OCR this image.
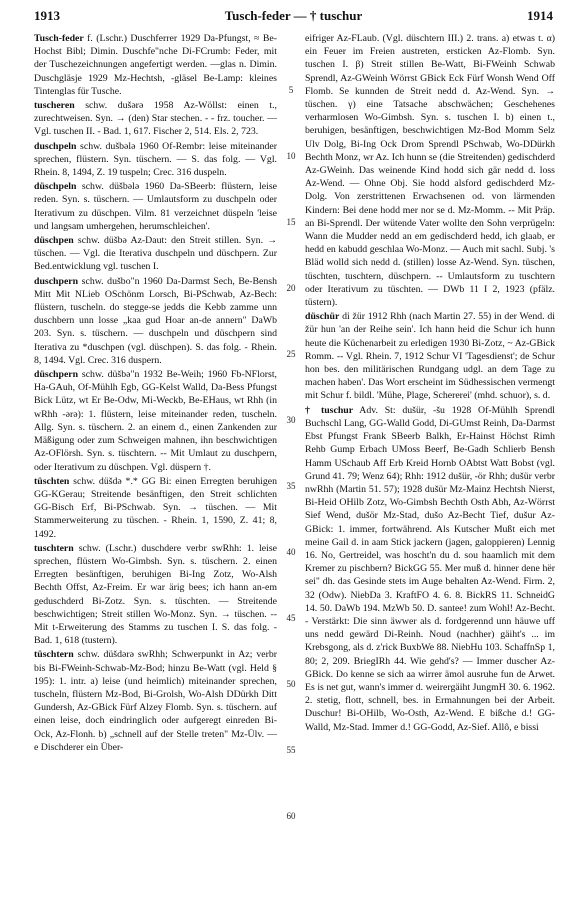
1913	Tusch-feder — † tuschur	1914

Tusch-feder f. (Lschr.) Duschferrer 1929 Da-Pfungst, ≈ Be-Hochst Bibl; Dimin. Duschfe"nche Di-FCrumb: Feder, mit der Tuschezeichnungen angefertigt werden. —glas n. Dimin. Duschgläsje 1929 Mz-Hechtsh, -gläsel Be-Lamp: kleines Tintenglas für Tusche.

tuscheren schw. dušərə 1958 Az-Wöllst: einen t., zurechtweisen. Syn. → (den) Star stechen. - - frz. toucher. — Vgl. tuschen II. - Bad. 1, 617. Fischer 2, 514. Els. 2, 723.

duschpeln schw. dušbələ 1960 Of-Rembr: leise miteinander sprechen, flüstern. Syn. tüschern. — S. das folg. — Vgl. Rhein. 8, 1494, Z. 19 tuspeln; Crec. 316 duspeln.

düschpeln schw. düšbələ 1960 Da-SBeerb: flüstern, leise reden. Syn. s. tüschern. — Umlautsform zu duschpeln oder Iterativum zu düschpen. Vilm. 81 verzeichnet düspeln 'leise und langsam umhergehen, herumschleichen'.

düschpen schw. düšbə Az-Daut: den Streit stillen. Syn. → tüschen. — Vgl. die Iterativa duschpeln und düschpern. Zur Bed.entwicklung vgl. tuschen I.

duschpern schw. dušbo"n 1960 Da-Darmst Sech, Be-Bensh Mitt Mit NLieb OSchönm Lorsch, Bi-PSchwab, Az-Bech: flüstern, tuscheln. do stegge-se jedds die Kebb zamme unn duschbern unn losse „kaa gud Hoar an-de annern" DaWb 203. Syn. s. tüschern. — duschpeln und düschpern sind Iterativa zu *duschpen (vgl. düschpen). S. das folg. - Rhein. 8, 1494. Vgl. Crec. 316 duspern.

düschpern schw. düšbə"n 1932 Be-Weih; 1960 Fb-NFlorst, Ha-GAuh, Of-Mühlh Egb, GG-Kelst Walld, Da-Bess Pfungst Bick Lütz, wt Er Be-Odw, Mi-Weckb, Be-EHaus, wt Rhh (in wRhh -ərə): 1. flüstern, leise miteinander reden, tuscheln. Allg. Syn. s. tüschern. 2. an einem d., einen Zankenden zur Mäßigung oder zum Schweigen mahnen, ihn beschwichtigen Az-OFlörsh. Syn. s. tüschtern. -- Mit Umlaut zu duschpern, oder Iterativum zu düschpen. Vgl. düspern †.

tüschten schw. düšdə *.* GG Bi: einen Erregten beruhigen GG-KGerau; Streitende besänftigen, den Streit schlichten GG-Bisch Erf, Bi-PSchwab. Syn. → tüschen. — Mit Stammerweiterung zu tüschen. - Rhein. 1, 1590, Z. 41; 8, 1492.

tuschtern schw. (Lschr.) duschdere verbr swRhh: 1. leise sprechen, flüstern Wo-Gimbsh. Syn. s. tüschern. 2. einen Erregten besänftigen, beruhigen Bi-Ing Zotz, Wo-Alsh Bechth Offst, Az-Freim. Er war ärig bees; ich hann an-em geduschderd Bi-Zotz. Syn. s. tüschten. — Streitende beschwichtigen; Streit stillen Wo-Monz. Syn. → tüschen. -- Mit t-Erweiterung des Stamms zu tuschen I. S. das folg. - Bad. 1, 618 (tustern).

tüschtern schw. düšdərə swRhh; Schwerpunkt in Az; verbr bis Bi-FWeinh-Schwab-Mz-Bod; hinzu Be-Watt (vgl. Held § 195): 1. intr. a) leise (und heimlich) miteinander sprechen, tuscheln, flüstern Mz-Bod, Bi-Grolsh, Wo-Alsh DDürkh Ditt Gundersh, Az-GBick Fürf Alzey Flomb. Syn. s. tüschern. auf einen leise, doch eindringlich oder aufgeregt einreden Bi-Ock, Az-Flonh. b) „schnell auf der Stelle treten" Mz-Ülv. — e Dischderer ein Über-

5
10
15
20
25
30
35
40
45
50
55
60

eifriger Az-FLaub. (Vgl. düschtern III.) 2. trans. a) etwas t. α) ein Feuer im Freien austreten, ersticken Az-Flomb. Syn. tuschen I. β) Streit stillen Be-Watt, Bi-FWeinh Schwab Sprendl, Az-GWeinh Wörrst GBick Eck Fürf Wonsh Wend Off Flomb. Se kunnden de Streit nedd d. Az-Wend. Syn. → tüschen. γ) eine Tatsache abschwächen; Geschehenes verharmlosen Wo-Gimbsh. Syn. s. tuschen I. b) einen t., beruhigen, besänftigen, beschwichtigen Mz-Bod Momm Selz Ulv Dolg, Bi-Ing Ock Drom Sprendl PSchwab, Wo-DDürkh Bechth Monz, wr Az. Ich hunn se (die Streitenden) gedischderd Az-GWeinh. Das weinende Kind hodd sich gär nedd d. loss Az-Wend. — Ohne Obj. Sie hodd alsford gedischderd Mz-Dolg. Von zerstrittenen Erwachsenen od. von lärmenden Kindern: Bei dene hodd mer nor se d. Mz-Momm. -- Mit Präp. an Bi-Sprendl. Der wütende Vater wollte den Sohn verprügeln: Wann die Mudder nedd an em gedischderd hedd, ich glaab, er hedd en kabudd geschlaa Wo-Monz. — Auch mit sachl. Subj. 's Bläd wolld sich nedd d. (stillen) losse Az-Wend. Syn. tüschen, tüschten, tuschtern, düschpern. -- Umlautsform zu tuschtern oder Iterativum zu tüschten. — DWb 11 I 2, 1923 (pfälz. tüstern).

düschür di žür 1912 Rhh (nach Martin 27. 55) in der Wend. di žür hun 'an der Reihe sein'. Ich hann heid die Schur ich hunn heute die Küchenarbeit zu erledigen 1930 Bi-Zotz, ~ Az-GBick Romm. -- Vgl. Rhein. 7, 1912 Schur VI 'Tagesdienst'; de Schur hon bes. den militärischen Rundgang udgl. an dem Tage zu machen haben'. Das Wort erscheint im Südhessischen vermengt mit Schur f. bildl. 'Mühe, Plage, Schererei' (mhd. schuor), s. d.

† tuschur Adv. St: dušür, -šu 1928 Of-Mühlh Sprendl Buchschl Lang, GG-Walld Godd, Di-GUmst Reinh, Da-Darmst Ebst Pfungst Frank SBeerb Balkh, Er-Hainst Höchst Rimh Rehb Gump Erbach UMoss Beerf, Be-Gadh Schlierb Bensh Hamm USchaub Aff Erb Kreid Hornb OAbtst Watt Bobst (vgl. Grund 41. 79; Wenz 64); Rhh: 1912 dušür, -ör Rhh; dušür verbr nwRhh (Martin 51. 57); 1928 dušür Mz-Mainz Hechtsh Nierst, Bi-Heid OHilb Zotz, Wo-Gimbsh Bechth Osth Abh, Az-Wörrst Sief Wend, dušör Mz-Stad, dušo Az-Becht Tief, dušur Az-GBick: 1. immer, fortwährend. Als Kutscher Mußt eich met meine Gail d. in aam Stick jackern (jagen, galoppieren) Lennig 16. No, Gertreidel, was hoscht'n du d. sou haamlich mit dem Kremer zu pischbern? BickGG 55. Mer muß d. hinner dene hër sei" dh. das Gesinde stets im Auge behalten Az-Wend. Firm. 2, 32 (Odw). NiebDa 3. KraftFO 4. 6. 8. BickRS 11. SchneidG 14. 50. DaWb 194. MzWb 50. D. santee! zum Wohl! Az-Becht. - Verstärkt: Die sinn äwwer als d. fordgerennd unn häuwe uff uns nedd gewärd Di-Reinh. Noud (nachher) gäiht's ... im Krebsgong, als d. z'rick BuxbWe 88. NiebHu 103. SchaffnSp 1, 80; 2, 209. BriegIRh 44. Wie gehd's? — Immer duscher Az-GBick. Do kenne se sich aa wirrer ämol ausruhe fun de Arwet. Es is net gut, wann's immer d. weirergäiht JungmH 30. 6. 1962. 2. stetig, flott, schnell, bes. in Ermahnungen bei der Arbeit. Duschur! Bi-OHilb, Wo-Osth, Az-Wend. E bißche d.! GG-Walld, Mz-Stad. Immer d.! GG-Godd, Az-Sief. Allô, e bissi
